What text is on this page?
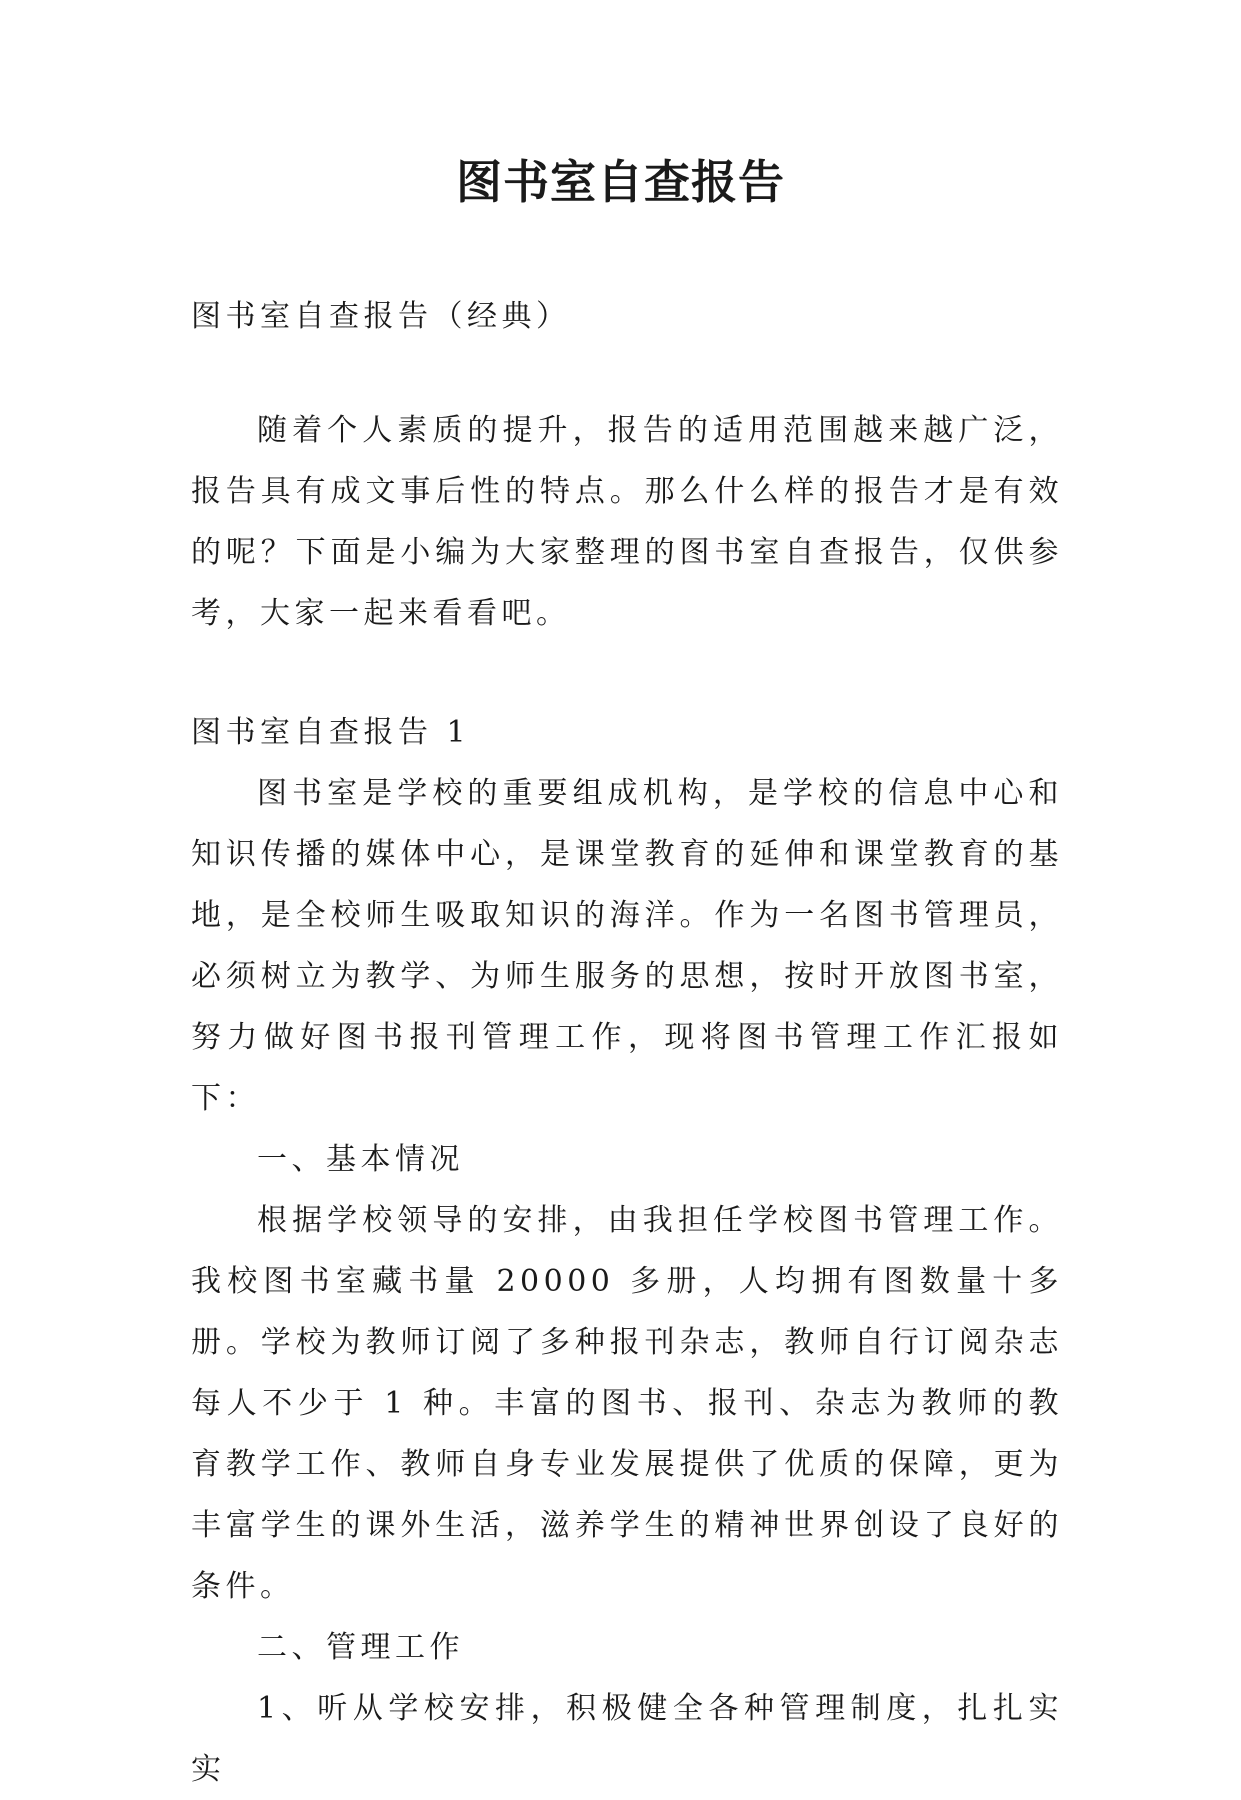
图书室自查报告

图书室自查报告（经典）

随着个人素质的提升，报告的适用范围越来越广泛，报告具有成文事后性的特点。那么什么样的报告才是有效的呢？下面是小编为大家整理的图书室自查报告，仅供参考，大家一起来看看吧。

图书室自查报告 1

图书室是学校的重要组成机构，是学校的信息中心和知识传播的媒体中心，是课堂教育的延伸和课堂教育的基地，是全校师生吸取知识的海洋。作为一名图书管理员，必须树立为教学、为师生服务的思想，按时开放图书室，努力做好图书报刊管理工作，现将图书管理工作汇报如下：

一、基本情况

根据学校领导的安排，由我担任学校图书管理工作。我校图书室藏书量 20000 多册，人均拥有图数量十多册。学校为教师订阅了多种报刊杂志，教师自行订阅杂志每人不少于 1 种。丰富的图书、报刊、杂志为教师的教育教学工作、教师自身专业发展提供了优质的保障，更为丰富学生的课外生活，滋养学生的精神世界创设了良好的条件。

二、管理工作

1、听从学校安排，积极健全各种管理制度，扎扎实实
